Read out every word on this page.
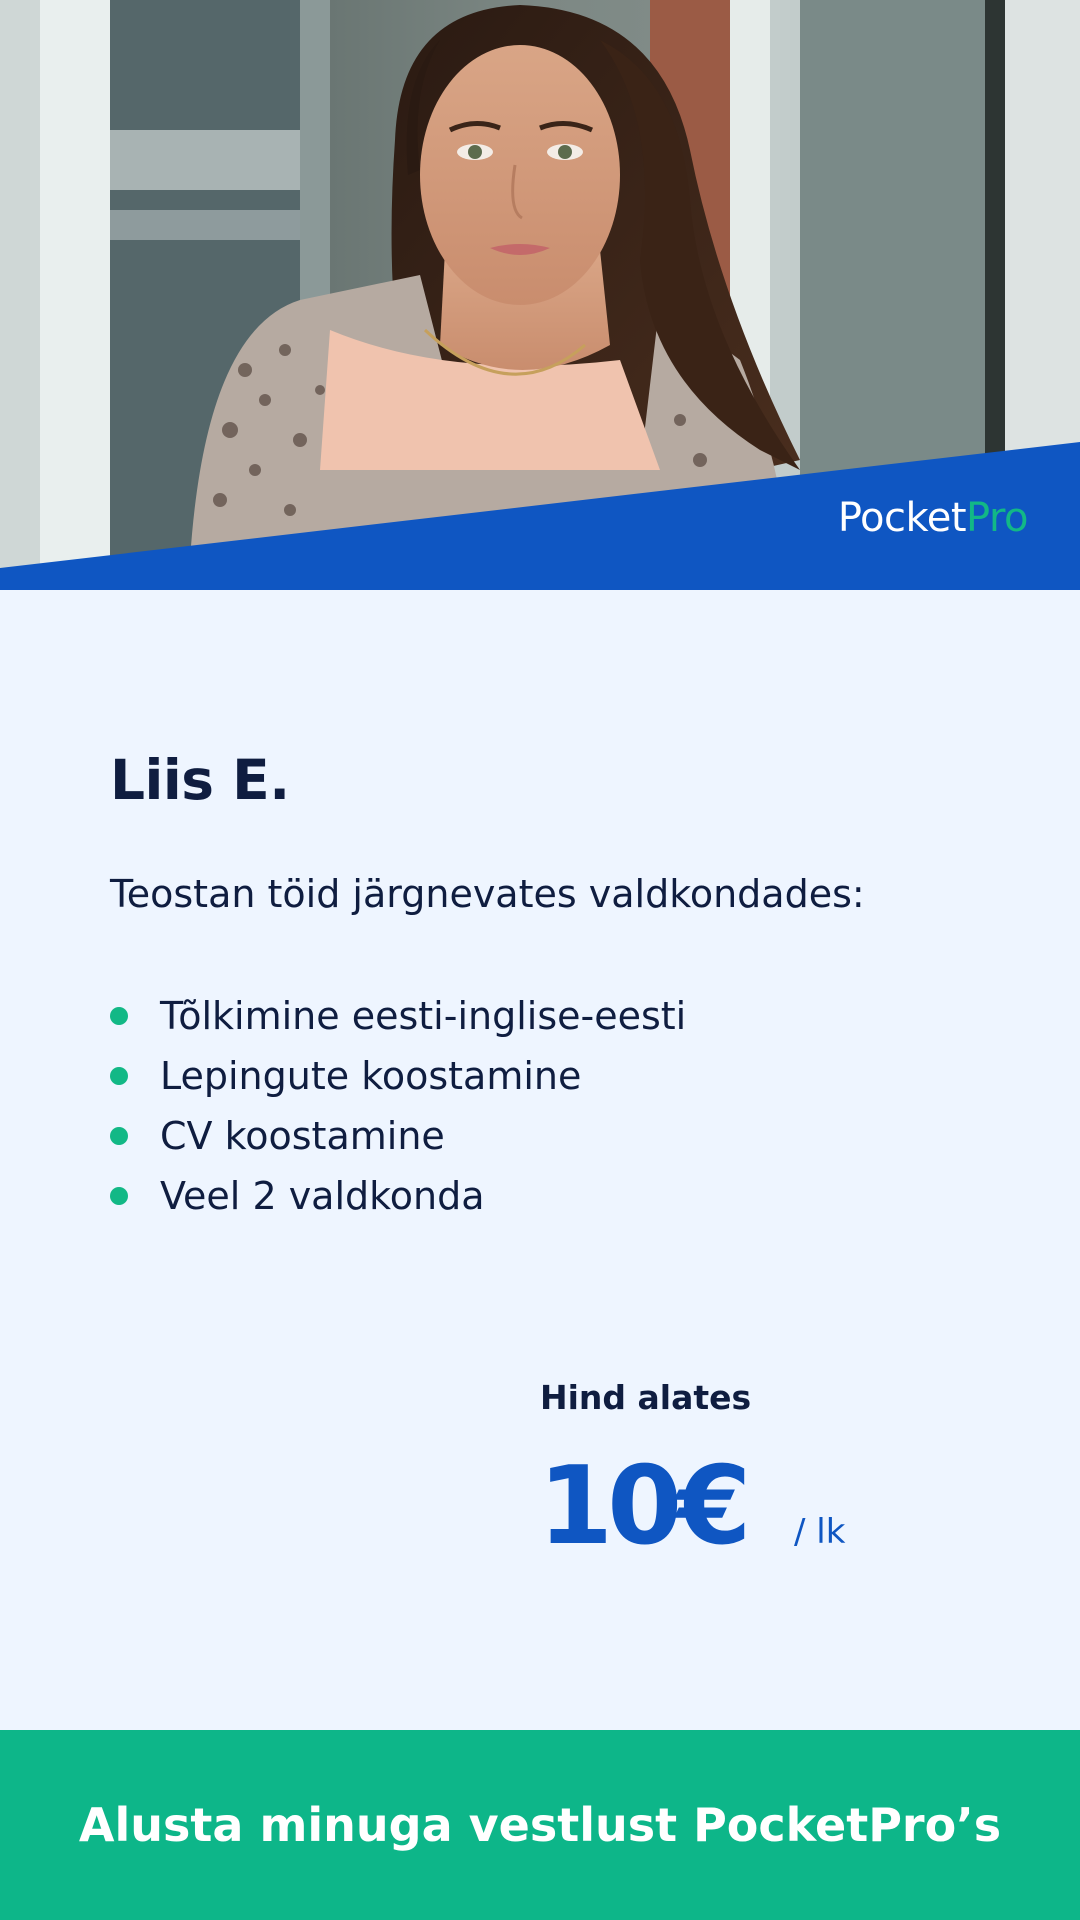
PocketPro
Liis E.

Teostan töid järgnevates valdkondades:

Tõlkimine eesti-inglise-eesti
Lepingute koostamine
CV koostamine
Veel 2 valdkonda
Hind alates
10€ / lk
Alusta minuga vestlust PocketPro’s
